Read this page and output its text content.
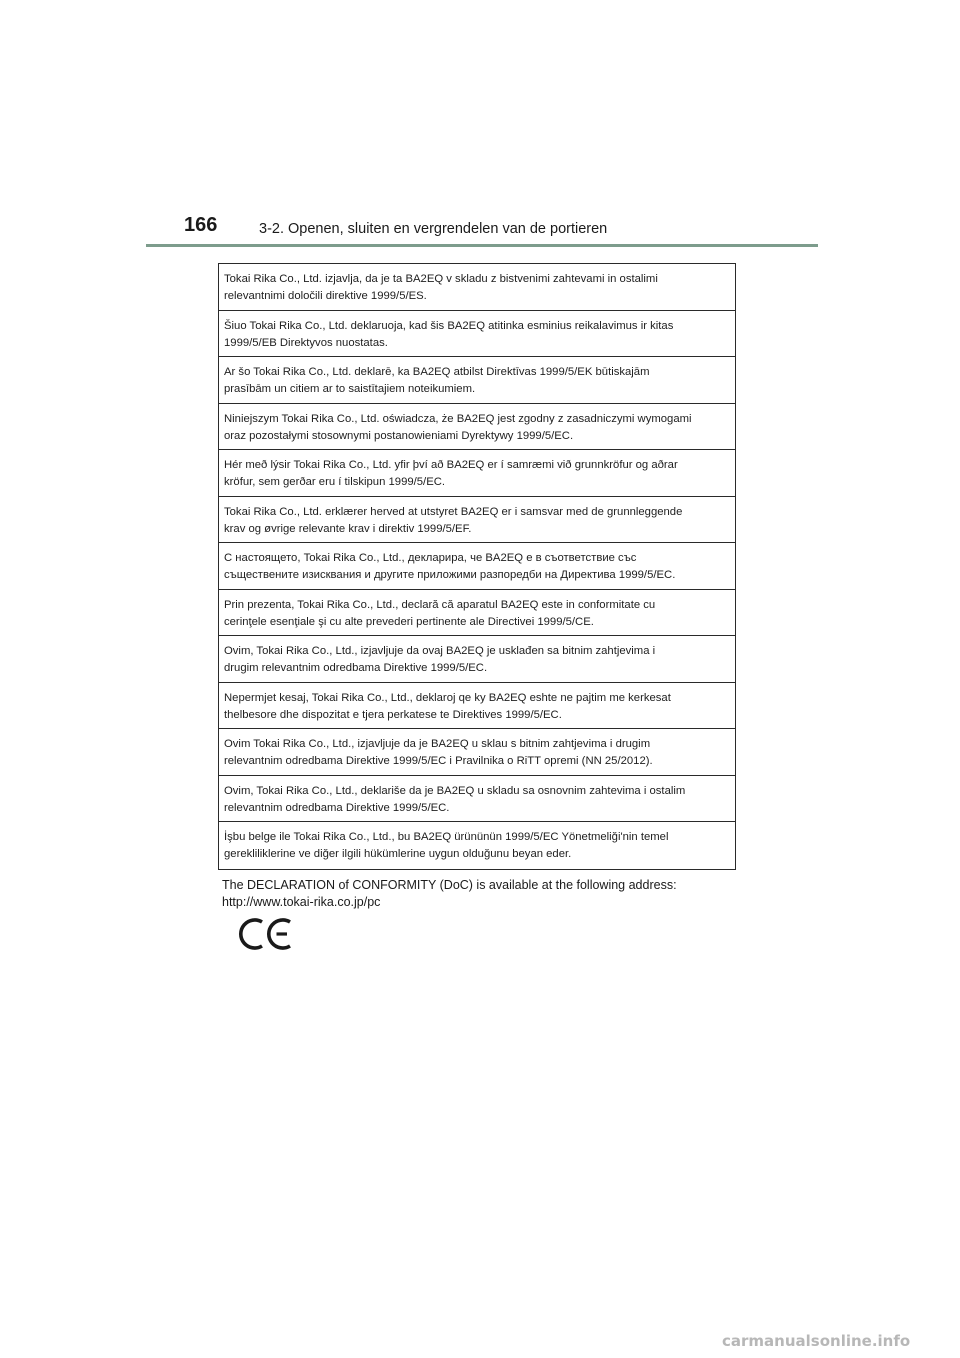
166	3-2. Openen, sluiten en vergrendelen van de portieren
Tokai Rika Co., Ltd. izjavlja, da je ta BA2EQ v skladu z bistvenimi zahtevami in ostalimi
relevantnimi določili direktive 1999/5/ES.
Šiuo Tokai Rika Co., Ltd. deklaruoja, kad šis BA2EQ atitinka esminius reikalavimus ir kitas
1999/5/EB Direktyvos nuostatas.
Ar šo Tokai Rika Co., Ltd. deklarē, ka BA2EQ atbilst Direktīvas 1999/5/EK būtiskajām
prasībām un citiem ar to saistītajiem noteikumiem.
Niniejszym Tokai Rika Co., Ltd. oświadcza, że BA2EQ jest zgodny z zasadniczymi wymogami
oraz pozostałymi stosownymi postanowieniami Dyrektywy 1999/5/EC.
Hér með lýsir Tokai Rika Co., Ltd. yfir því að BA2EQ er í samræmi við grunnkröfur og aðrar
kröfur, sem gerðar eru í tilskipun 1999/5/EC.
Tokai Rika Co., Ltd. erklærer herved at utstyret BA2EQ er i samsvar med de grunnleggende
krav og øvrige relevante krav i direktiv 1999/5/EF.
С настоящето, Tokai Rika Co., Ltd., декларира, че BA2EQ е в съответствие със
съществените изисквания и другите приложими разпоредби на Директива 1999/5/ЕС.
Prin prezenta, Tokai Rika Co., Ltd., declară că aparatul BA2EQ este in conformitate cu
cerinţele esenţiale şi cu alte prevederi pertinente ale Directivei 1999/5/CE.
Ovim, Tokai Rika Co., Ltd., izjavljuje da ovaj BA2EQ je usklađen sa bitnim zahtjevima i
drugim relevantnim odredbama Direktive 1999/5/EC.
Nepermjet kesaj, Tokai Rika Co., Ltd., deklaroj qe ky BA2EQ eshte ne pajtim me kerkesat
thelbesore dhe dispozitat e tjera perkatese te Direktives 1999/5/EC.
Ovim Tokai Rika Co., Ltd., izjavljuje da je BA2EQ u sklau s bitnim zahtjevima i drugim
relevantnim odredbama Direktive 1999/5/EC i Pravilnika o RiTT opremi (NN 25/2012).
Ovim, Tokai Rika Co., Ltd., deklariše da je BA2EQ u skladu sa osnovnim zahtevima i ostalim
relevantnim odredbama Direktive 1999/5/EC.
İşbu belge ile Tokai Rika Co., Ltd., bu BA2EQ ürününün 1999/5/EC Yönetmeliği'nin temel
gerekliliklerine ve diğer ilgili hükümlerine uygun olduğunu beyan eder.
The DECLARATION of CONFORMITY (DoC) is available at the following address:
http://www.tokai-rika.co.jp/pc
carmanualsonline.info
